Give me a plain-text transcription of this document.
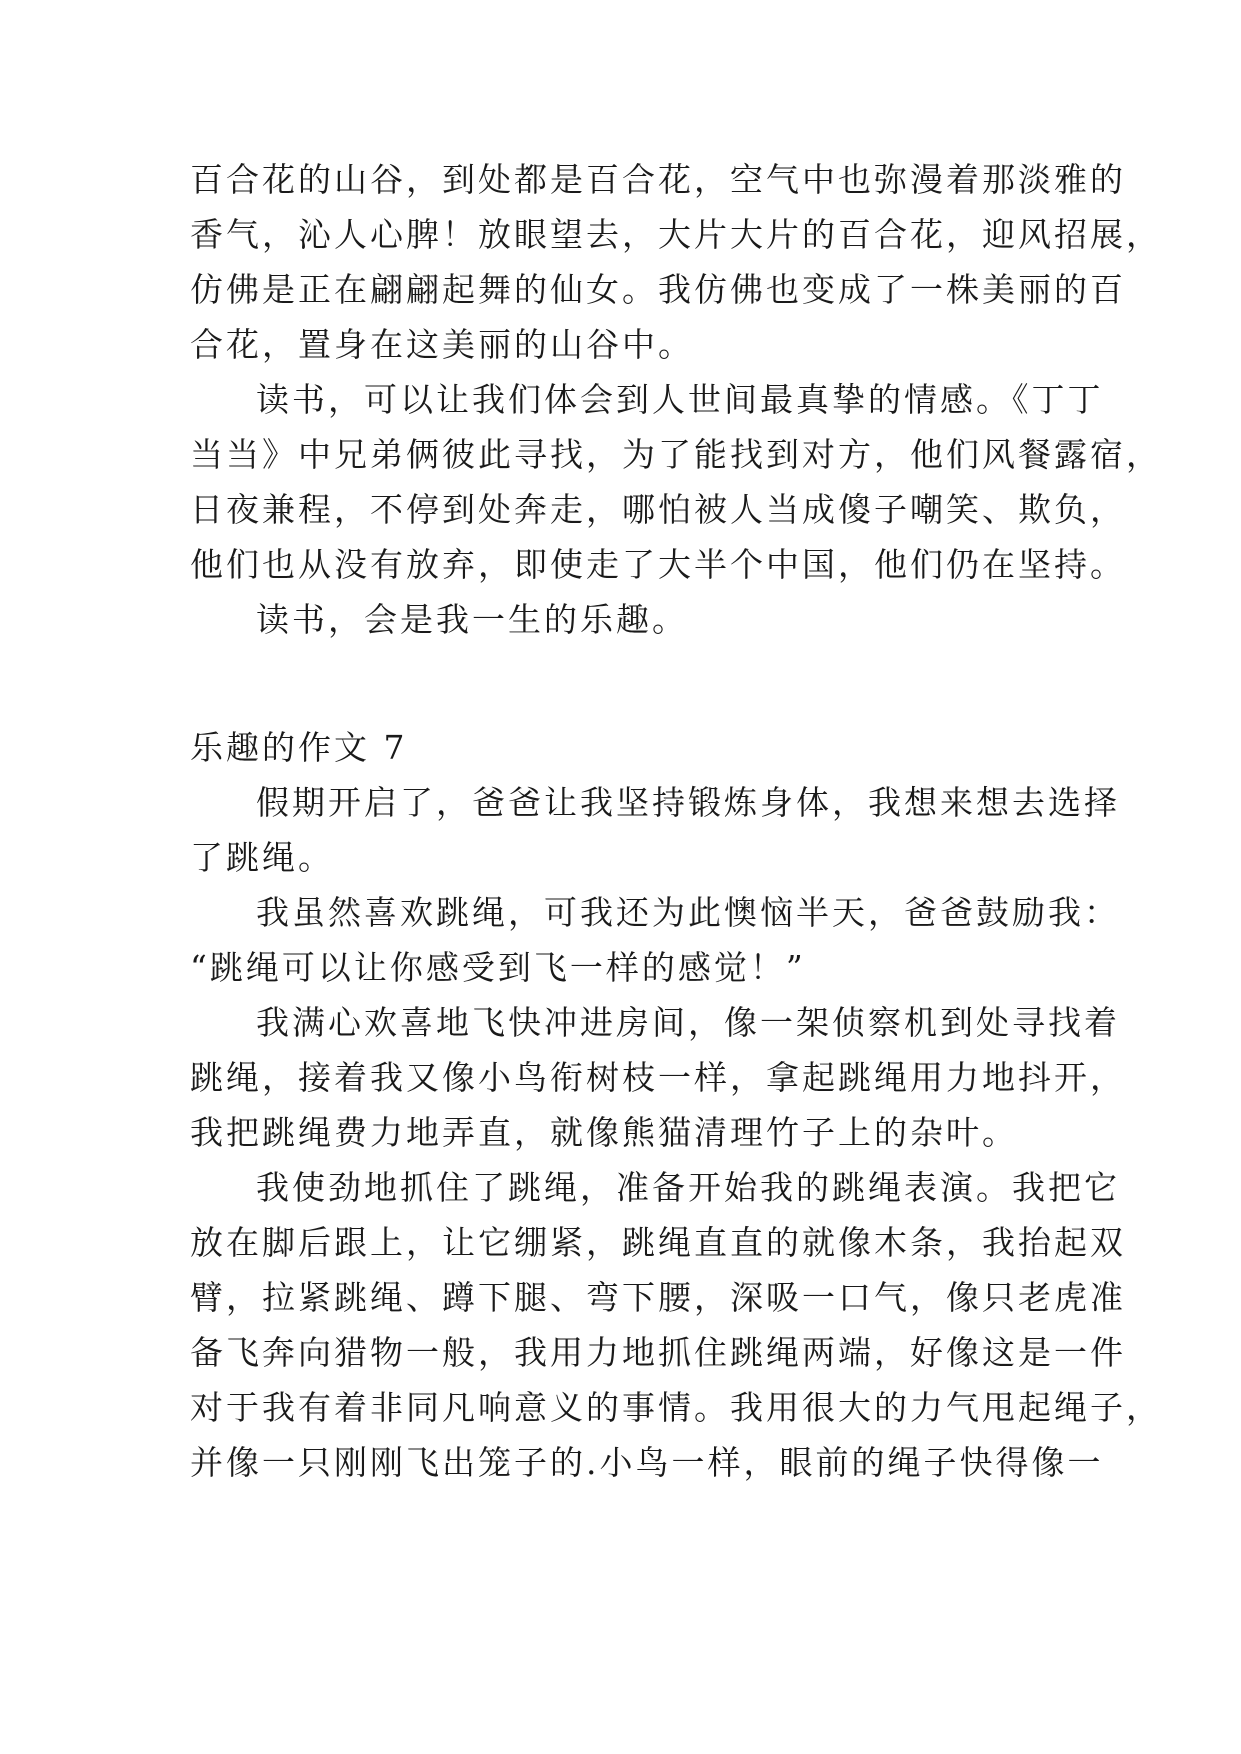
百合花的山谷，到处都是百合花，空气中也弥漫着那淡雅的
香气，沁人心脾！放眼望去，大片大片的百合花，迎风招展，
仿佛是正在翩翩起舞的仙女。我仿佛也变成了一株美丽的百
合花，置身在这美丽的山谷中。
读书，可以让我们体会到人世间最真挚的情感。《丁丁
当当》中兄弟俩彼此寻找，为了能找到对方，他们风餐露宿，
日夜兼程，不停到处奔走，哪怕被人当成傻子嘲笑、欺负，
他们也从没有放弃，即使走了大半个中国，他们仍在坚持。
读书，会是我一生的乐趣。
乐趣的作文 7
假期开启了，爸爸让我坚持锻炼身体，我想来想去选择
了跳绳。
我虽然喜欢跳绳，可我还为此懊恼半天，爸爸鼓励我：
“跳绳可以让你感受到飞一样的感觉！”
我满心欢喜地飞快冲进房间，像一架侦察机到处寻找着
跳绳，接着我又像小鸟衔树枝一样，拿起跳绳用力地抖开，
我把跳绳费力地弄直，就像熊猫清理竹子上的杂叶。
我使劲地抓住了跳绳，准备开始我的跳绳表演。我把它
放在脚后跟上，让它绷紧，跳绳直直的就像木条，我抬起双
臂，拉紧跳绳、蹲下腿、弯下腰，深吸一口气，像只老虎准
备飞奔向猎物一般，我用力地抓住跳绳两端，好像这是一件
对于我有着非同凡响意义的事情。我用很大的力气甩起绳子，
并像一只刚刚飞出笼子的.小鸟一样，眼前的绳子快得像一
